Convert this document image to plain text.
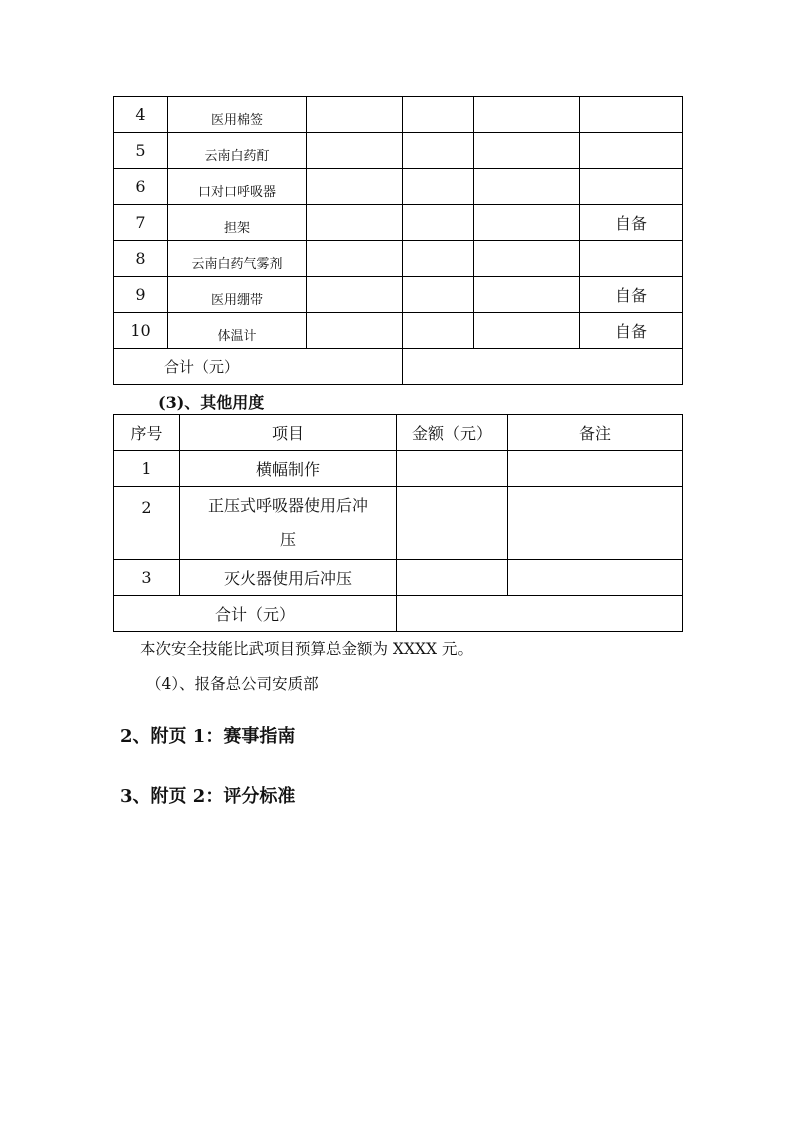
4	医用棉签				
5	云南白药酊				
6	口对口呼吸器				
7	担架				自备
8	云南白药气雾剂				
9	医用绷带				自备
10	体温计				自备
合计（元）					
(3)、其他用度
序号	项目	金额（元）	备注
1	横幅制作		
2	正压式呼吸器使用后冲
压		

3	灭火器使用后冲压		
合计（元）			
本次安全技能比武项目预算总金额为 XXXX 元。
（4）、报备总公司安质部
2、附页 1：赛事指南
3、附页 2：评分标准
